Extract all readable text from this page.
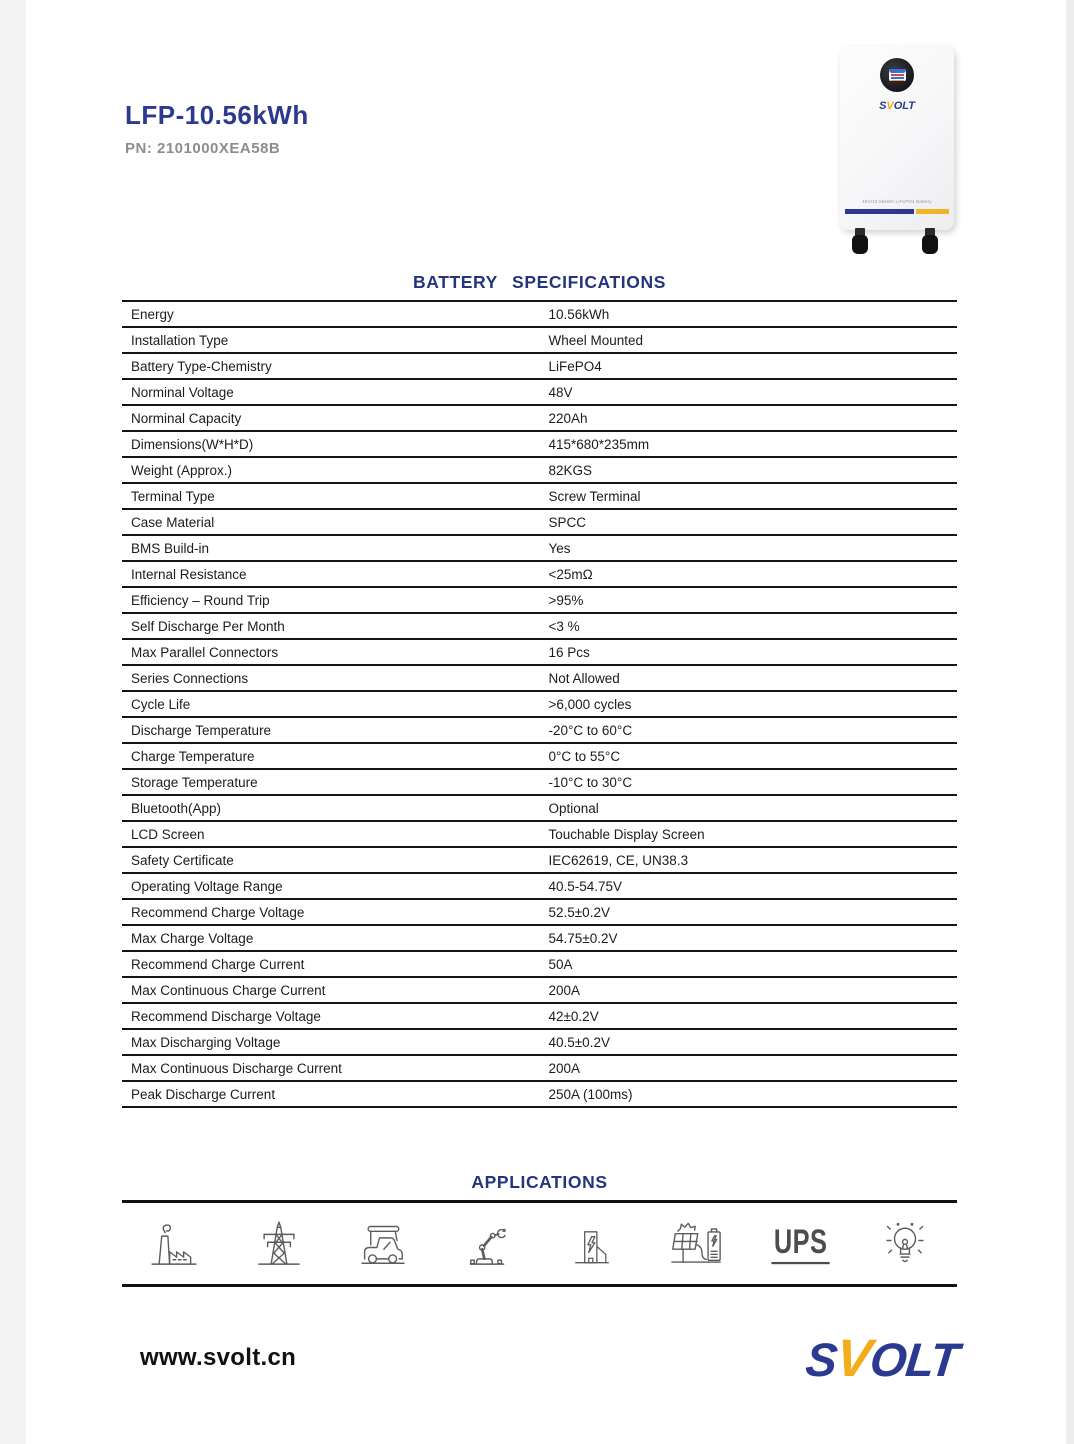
LFP-10.56kWh
PN: 2101000XEA58B
SVOLT
48V/10.56kWh LiFePO4 Battery
BATTERY SPECIFICATIONS
Energy	10.56kWh
Installation Type	Wheel Mounted
Battery Type-Chemistry	LiFePO4
Norminal Voltage	48V
Norminal Capacity	220Ah
Dimensions(W*H*D)	415*680*235mm
Weight (Approx.)	82KGS
Terminal Type	Screw Terminal
Case Material	SPCC
BMS Build-in	Yes
Internal Resistance	<25mΩ
Efficiency – Round Trip	>95%
Self Discharge Per Month	<3 %
Max Parallel Connectors	16 Pcs
Series Connections	Not Allowed
Cycle Life	>6,000 cycles
Discharge Temperature	-20°C to 60°C
Charge Temperature	0°C to 55°C
Storage Temperature	-10°C to 30°C
Bluetooth(App)	Optional
LCD Screen	Touchable Display Screen
Safety Certificate	IEC62619, CE, UN38.3
Operating Voltage Range	40.5-54.75V
Recommend Charge Voltage	52.5±0.2V
Max Charge Voltage	54.75±0.2V
Recommend Charge Current	50A
Max Continuous Charge Current	200A
Recommend Discharge Voltage	42±0.2V
Max Discharging Voltage	40.5±0.2V
Max Continuous Discharge Current	200A
Peak Discharge Current	250A (100ms)
APPLICATIONS
UPS
www.svolt.cn	SVOLT
